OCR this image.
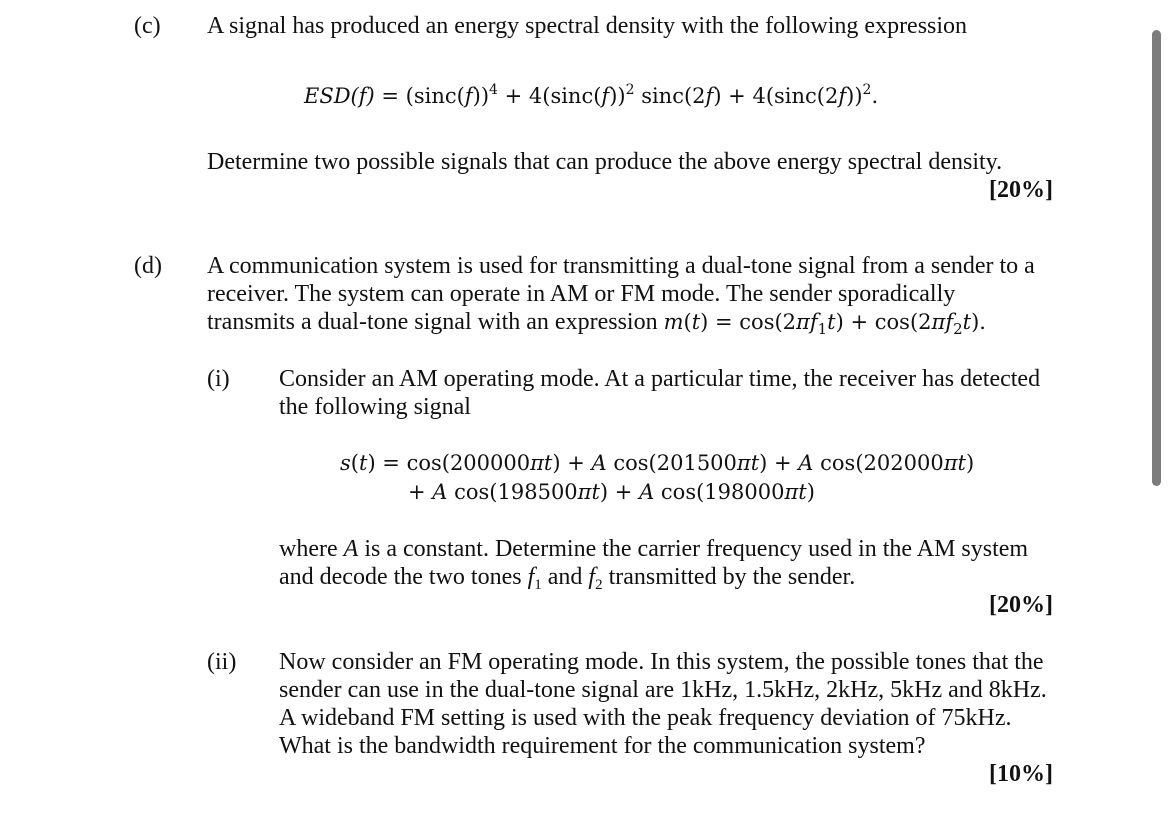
(c) A signal has produced an energy spectral density with the following expression
$ESD(f) = (\sin c(f))^4 + 4(\sin c(f))^2$ $\sin c(2f) + 4(\sin c(2f))^2$.
Determine two possible signals that can produce the above energy spectral density.
[20%]
(d) A communication system is used for transmitting a dual-tone signal from a sender to a
receiver. The system can operate in AM or FM mode. The sender sporadically
transmits a dual-tone signal with an expression $m(t) = \cos(2\pi f_1t) + \cos(2\pi f_2t)$.
(i) Consider an AM operating mode. At a particular time, the receiver has detected
the following signal
s(t) = cos(200000πt) + A cos(201500πt) + A cos(202000πt)
+ A cos(198500πt) + A cos(198000πt)
where A is a constant. Determine the carrier frequency used in the AM system
and decode the two tones $f_1$ and $f_2$ transmitted by the sender.
[20%]
(ii) Now consider an FM operating mode. In this system, the possible tones that the
sender can use in the dual-tone signal are 1kHz, 1.5kHz, 2kHz, 5kHz and 8kHz.
A wideband FM setting is used with the peak frequency deviation of 75kHz.
What is the bandwidth requirement for the communication system?
[10%]
